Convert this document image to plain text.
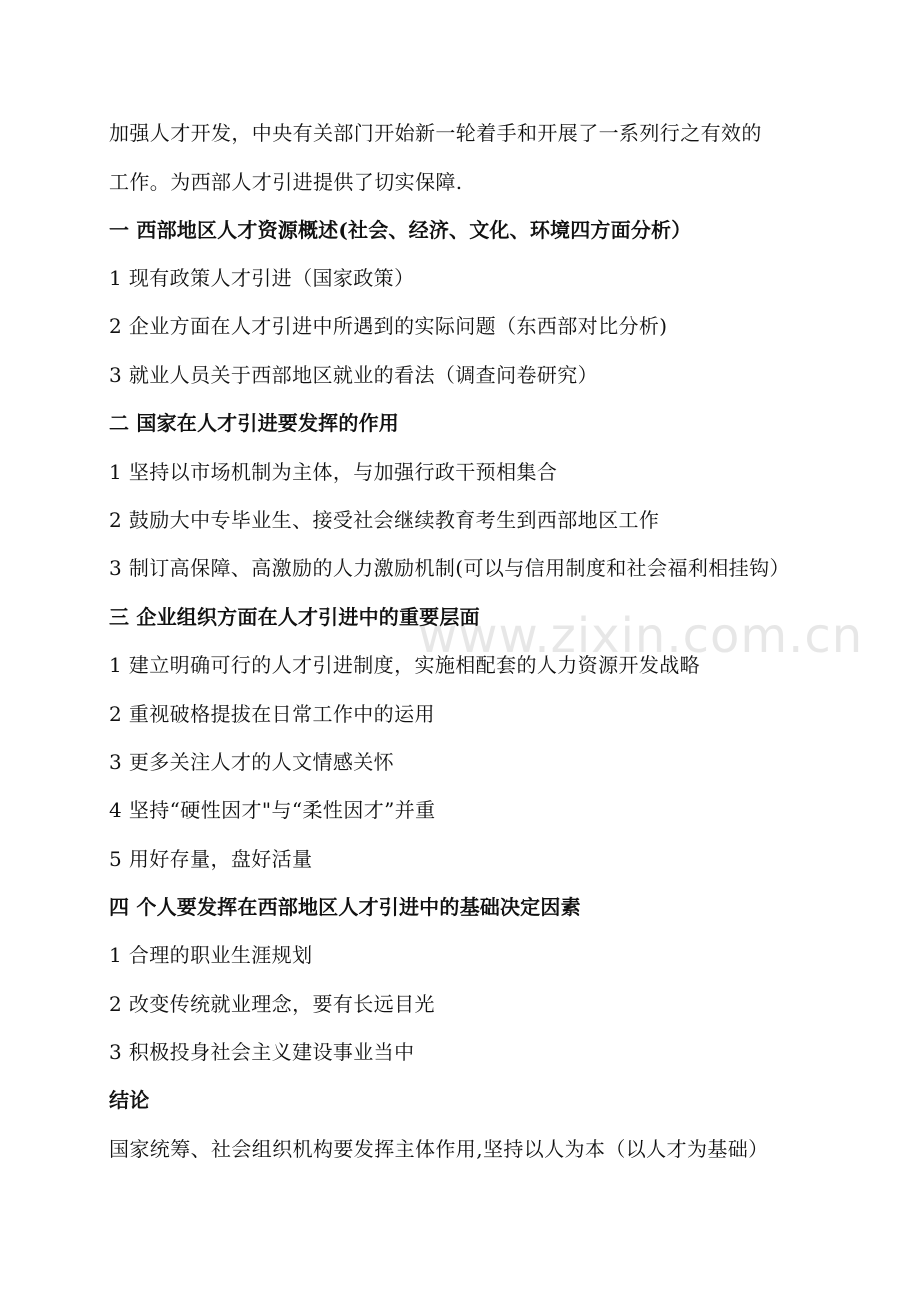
加强人才开发，中央有关部门开始新一轮着手和开展了一系列行之有效的
工作。为西部人才引进提供了切实保障.
一 西部地区人才资源概述(社会、经济、文化、环境四方面分析）
1 现有政策人才引进（国家政策）
2 企业方面在人才引进中所遇到的实际问题（东西部对比分析)
3 就业人员关于西部地区就业的看法（调查问卷研究）
二 国家在人才引进要发挥的作用
1 坚持以市场机制为主体，与加强行政干预相集合
2 鼓励大中专毕业生、接受社会继续教育考生到西部地区工作
3 制订高保障、高激励的人力激励机制(可以与信用制度和社会福利相挂钩）
三 企业组织方面在人才引进中的重要层面
1 建立明确可行的人才引进制度，实施相配套的人力资源开发战略
2 重视破格提拔在日常工作中的运用
3 更多关注人才的人文情感关怀
4 坚持“硬性因才"与“柔性因才”并重
5 用好存量，盘好活量
四 个人要发挥在西部地区人才引进中的基础决定因素
1 合理的职业生涯规划
2 改变传统就业理念，要有长远目光
3 积极投身社会主义建设事业当中
结论
国家统筹、社会组织机构要发挥主体作用,坚持以人为本（以人才为基础）
www.zixin.com.cn
